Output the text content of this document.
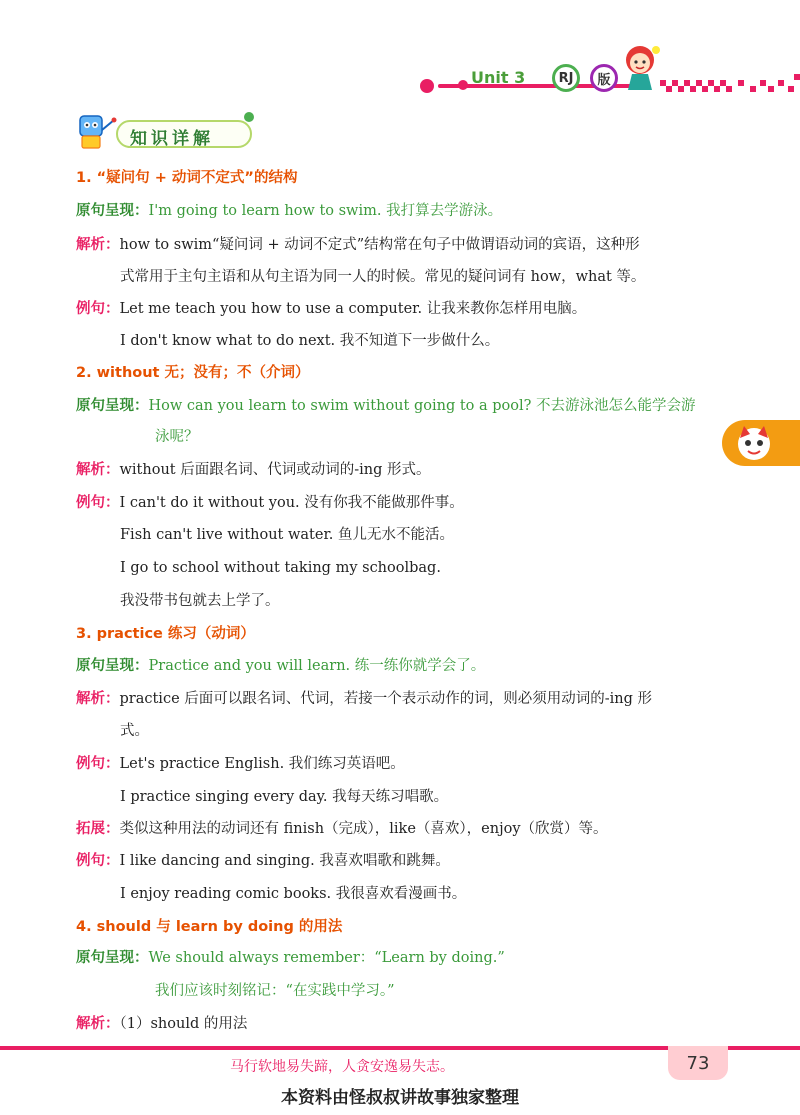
Unit 3	RJ	版
知识详解
1. “疑问句 + 动词不定式”的结构
原句呈现：I'm going to learn how to swim. 我打算去学游泳。
解析：how to swim“疑问词 + 动词不定式”结构常在句子中做谓语动词的宾语，这种形
式常用于主句主语和从句主语为同一人的时候。常见的疑问词有 how，what 等。
例句：Let me teach you how to use a computer. 让我来教你怎样用电脑。
I don't know what to do next. 我不知道下一步做什么。
2. without 无；没有；不（介词）
原句呈现：How can you learn to swim without going to a pool? 不去游泳池怎么能学会游
泳呢？
解析：without 后面跟名词、代词或动词的-ing 形式。
例句：I can't do it without you. 没有你我不能做那件事。
Fish can't live without water. 鱼儿无水不能活。
I go to school without taking my schoolbag.
我没带书包就去上学了。
3. practice 练习（动词）
原句呈现：Practice and you will learn. 练一练你就学会了。
解析：practice 后面可以跟名词、代词，若接一个表示动作的词，则必须用动词的-ing 形
式。
例句：Let's practice English. 我们练习英语吧。
I practice singing every day. 我每天练习唱歌。
拓展：类似这种用法的动词还有 finish（完成），like（喜欢），enjoy（欣赏）等。
例句：I like dancing and singing. 我喜欢唱歌和跳舞。
I enjoy reading comic books. 我很喜欢看漫画书。
4. should 与 learn by doing 的用法
原句呈现：We should always remember：“Learn by doing.”
我们应该时刻铭记：“在实践中学习。”
解析：（1）should 的用法
马行软地易失蹄，人贪安逸易失志。	73
本资料由怪叔叔讲故事独家整理
